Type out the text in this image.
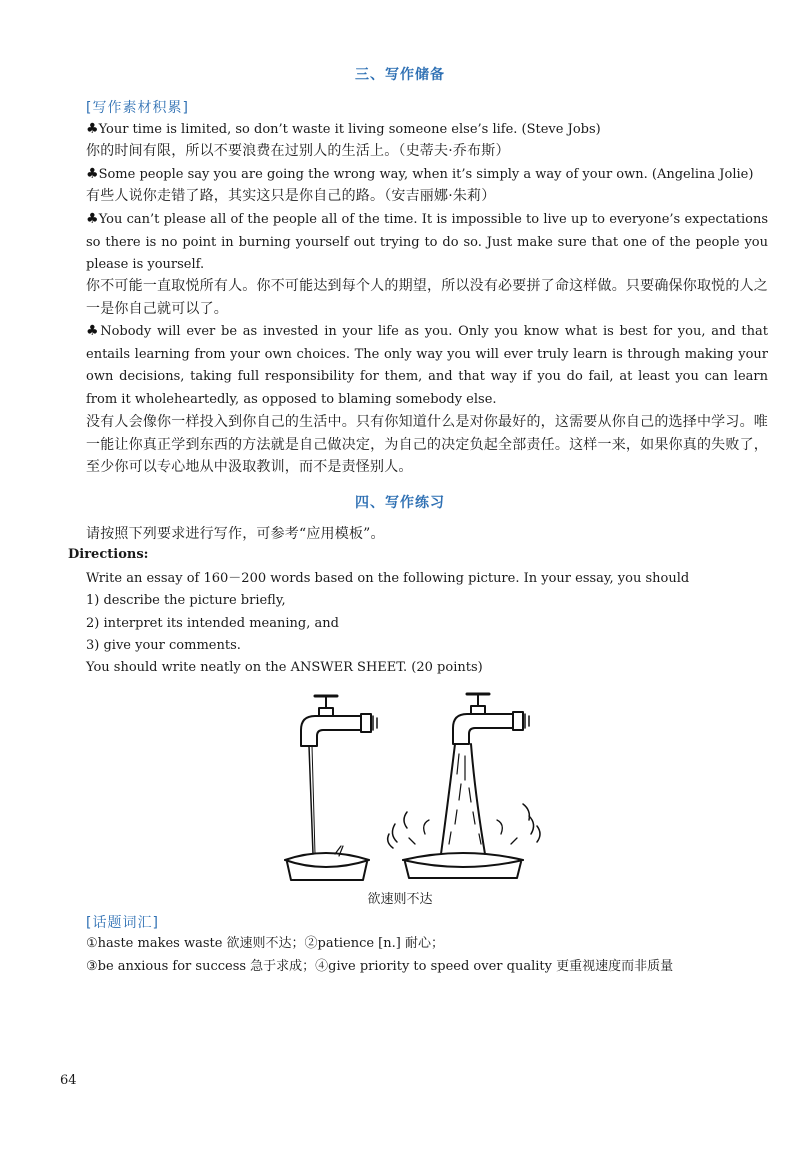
三、写作储备
[写作素材积累]

♣Your time is limited, so don’t waste it living someone else’s life. (Steve Jobs)

你的时间有限，所以不要浪费在过别人的生活上。（史蒂夫·乔布斯）

♣Some people say you are going the wrong way, when it’s simply a way of your own. (Angelina Jolie)

有些人说你走错了路，其实这只是你自己的路。（安吉丽娜·朱莉）

♣You can’t please all of the people all of the time. It is impossible to live up to everyone’s expectations so there is no point in burning yourself out trying to do so. Just make sure that one of the people you please is yourself.

你不可能一直取悦所有人。你不可能达到每个人的期望，所以没有必要拼了命这样做。只要确保你取悦的人之一是你自己就可以了。

♣Nobody will ever be as invested in your life as you. Only you know what is best for you, and that entails learning from your own choices. The only way you will ever truly learn is through making your own decisions, taking full responsibility for them, and that way if you do fail, at least you can learn from it wholeheartedly, as opposed to blaming somebody else.

没有人会像你一样投入到你自己的生活中。只有你知道什么是对你最好的，这需要从你自己的选择中学习。唯一能让你真正学到东西的方法就是自己做决定，为自己的决定负起全部责任。这样一来，如果你真的失败了，至少你可以专心地从中汲取教训，而不是责怪别人。

四、写作练习

请按照下列要求进行写作，可参考“应用模板”。

Directions:

Write an essay of 160－200 words based on the following picture. In your essay, you should

1) describe the picture briefly,

2) interpret its intended meaning, and

3) give your comments.

You should write neatly on the ANSWER SHEET. (20 points)

欲速则不达
[话题词汇]

①haste makes waste 欲速则不达；②patience [n.] 耐心；

③be anxious for success 急于求成；④give priority to speed over quality 更重视速度而非质量

64
